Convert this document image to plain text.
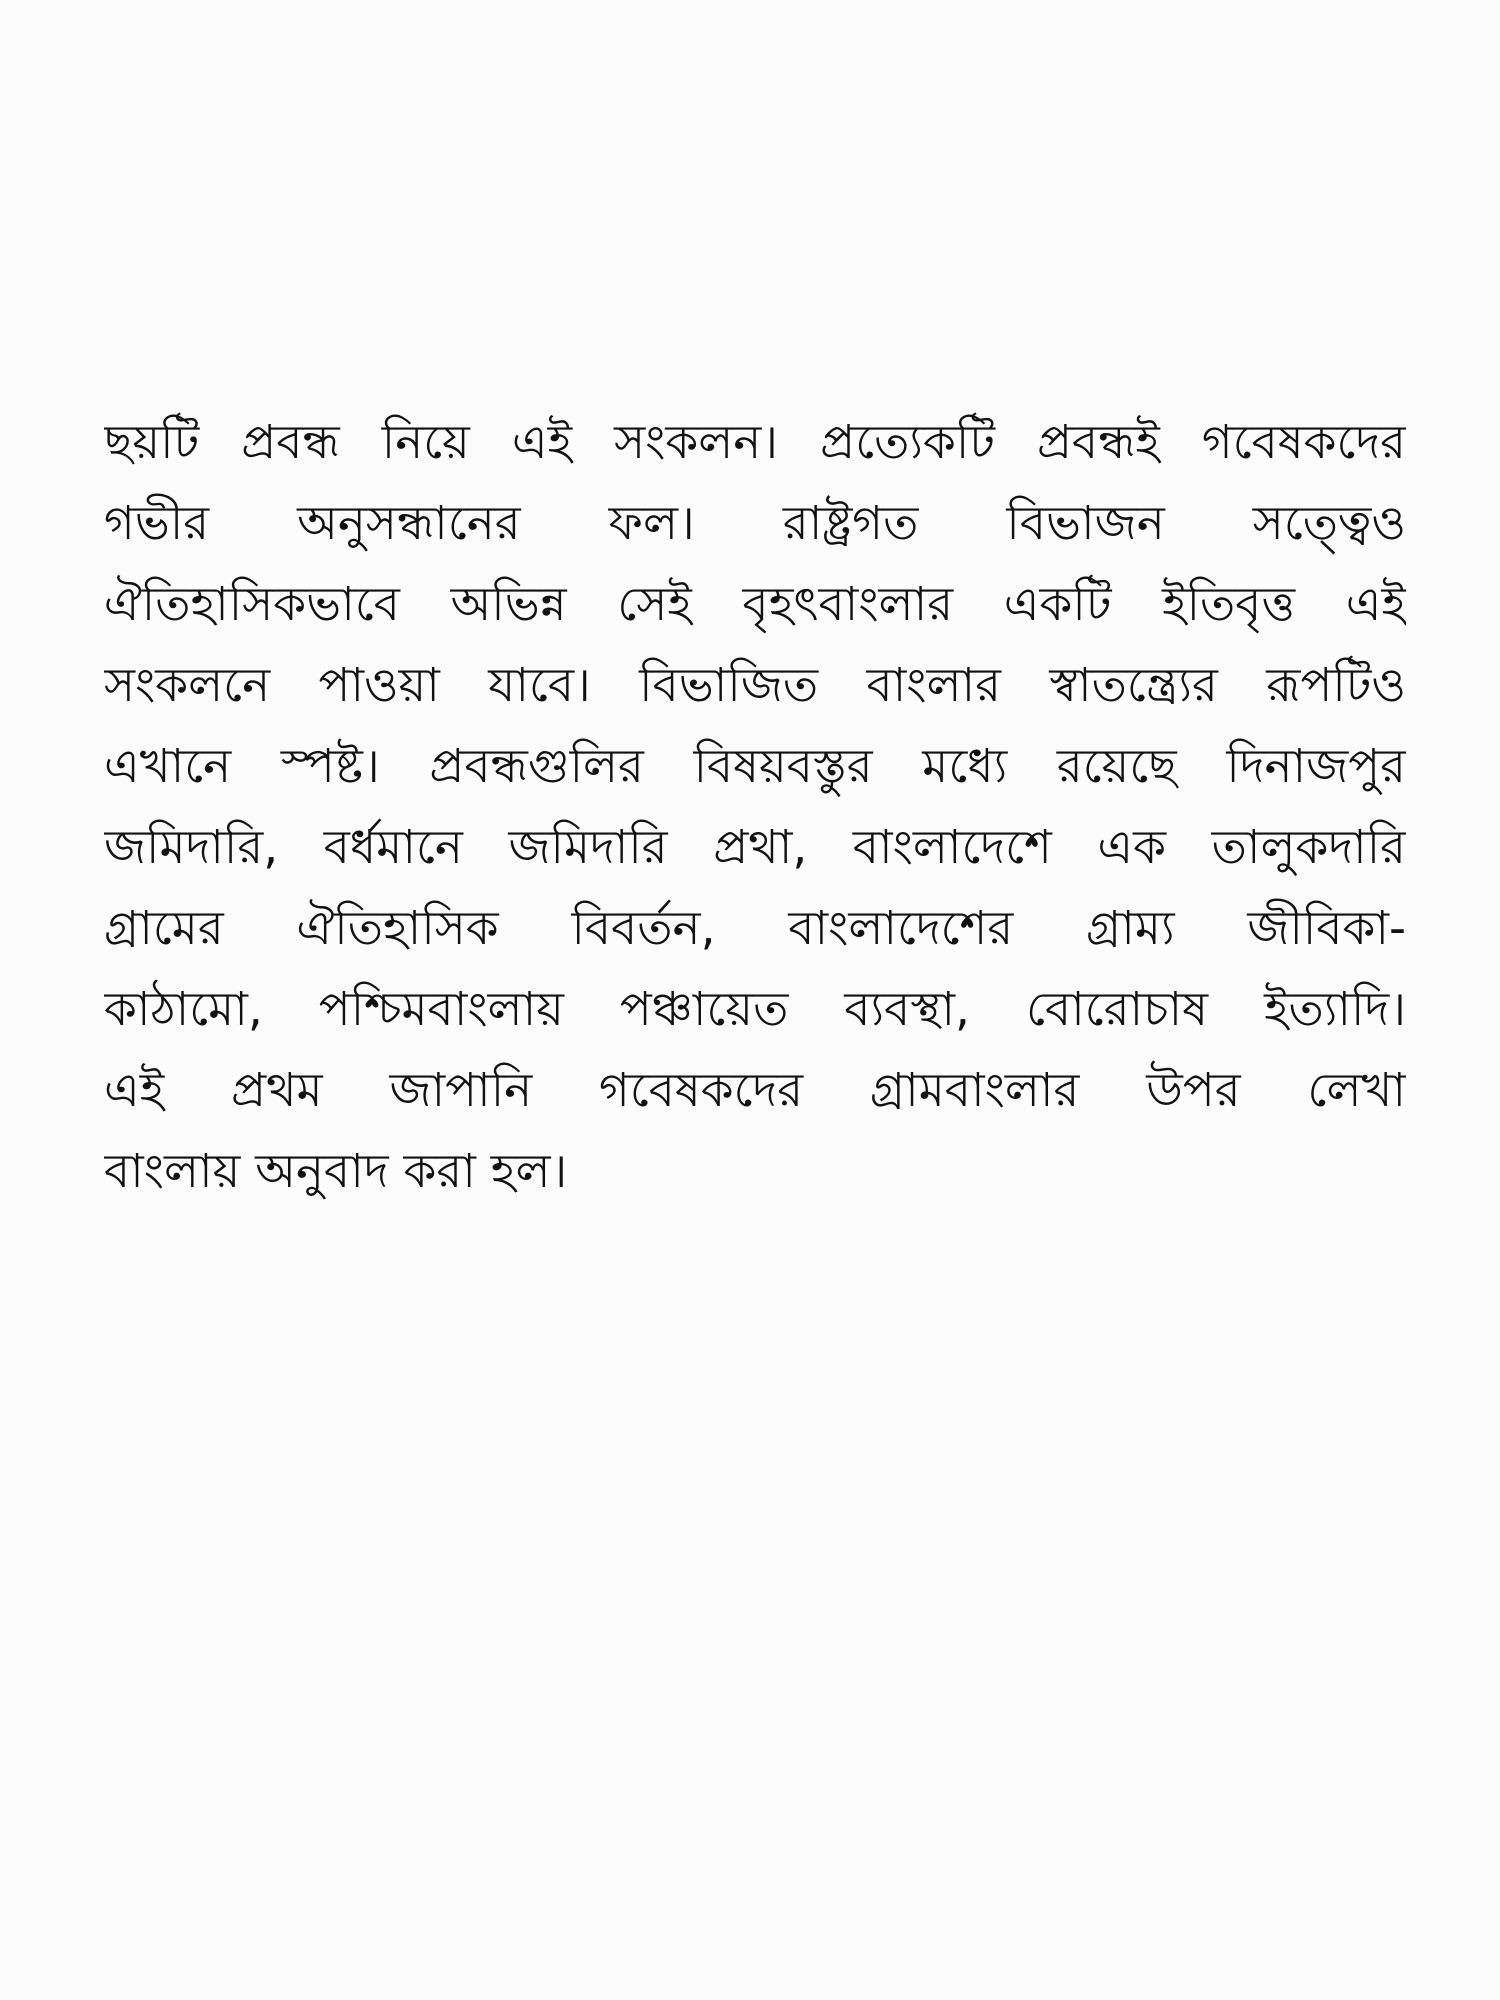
ছয়টি প্রবন্ধ নিয়ে এই সংকলন। প্রত্যেকটি প্রবন্ধই গবেষকদের
গভীর অনুসন্ধানের ফল। রাষ্ট্রগত বিভাজন সত্ত্বেও
ঐতিহাসিকভাবে অভিন্ন সেই বৃহৎবাংলার একটি ইতিবৃত্ত এই
সংকলনে পাওয়া যাবে। বিভাজিত বাংলার স্বাতন্ত্র্যের রূপটিও
এখানে স্পষ্ট। প্রবন্ধগুলির বিষয়বস্তুর মধ্যে রয়েছে দিনাজপুর
জমিদারি, বর্ধমানে জমিদারি প্রথা, বাংলাদেশে এক তালুকদারি
গ্রামের ঐতিহাসিক বিবর্তন, বাংলাদেশের গ্রাম্য জীবিকা-
কাঠামো, পশ্চিমবাংলায় পঞ্চায়েত ব্যবস্থা, বোরোচাষ ইত্যাদি।
এই প্রথম জাপানি গবেষকদের গ্রামবাংলার উপর লেখা
বাংলায় অনুবাদ করা হল।
